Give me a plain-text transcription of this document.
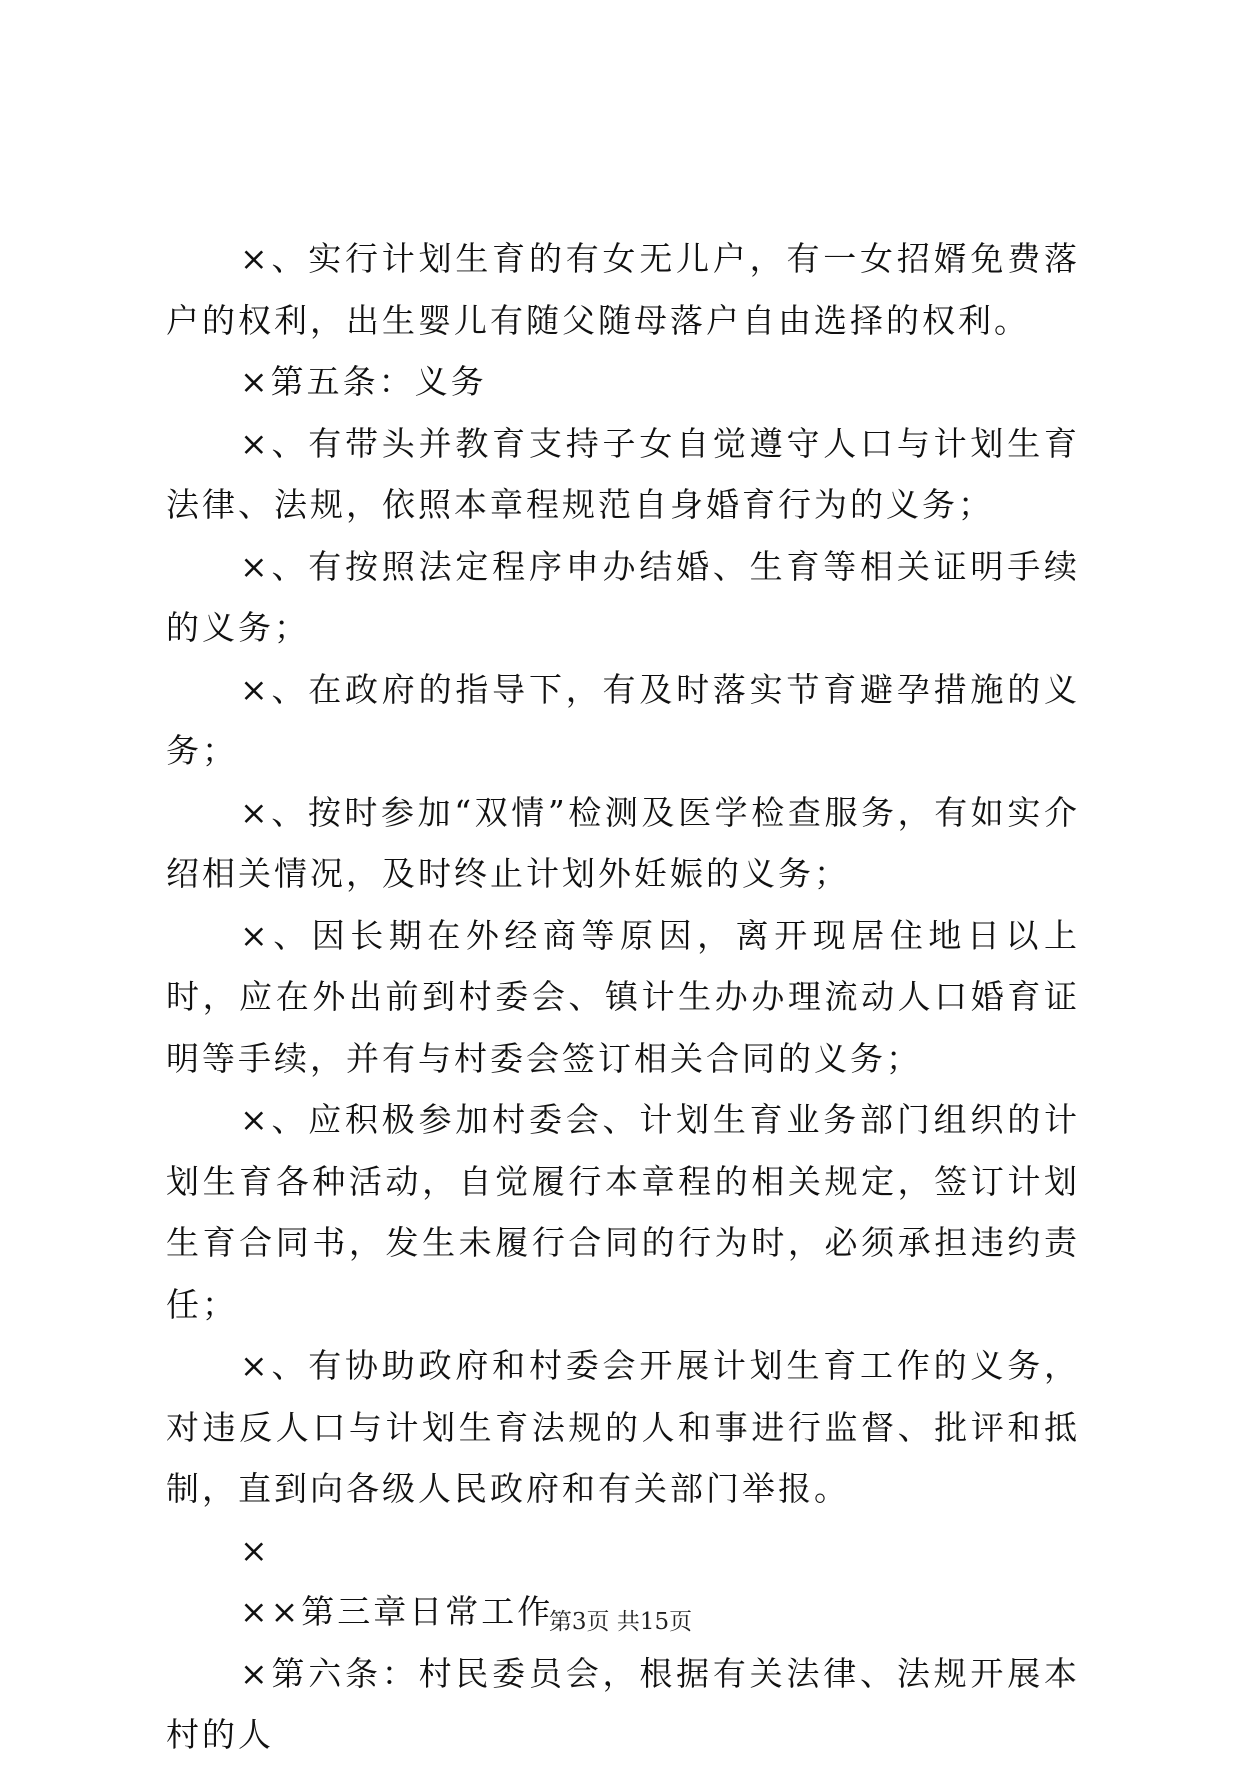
×、实行计划生育的有女无儿户，有一女招婿免费落户的权利，出生婴儿有随父随母落户自由选择的权利。

×第五条：义务

×、有带头并教育支持子女自觉遵守人口与计划生育法律、法规，依照本章程规范自身婚育行为的义务；

×、有按照法定程序申办结婚、生育等相关证明手续的义务；

×、在政府的指导下，有及时落实节育避孕措施的义务；

×、按时参加“双情”检测及医学检查服务，有如实介绍相关情况，及时终止计划外妊娠的义务；

×、因长期在外经商等原因，离开现居住地日以上时，应在外出前到村委会、镇计生办办理流动人口婚育证明等手续，并有与村委会签订相关合同的义务；

×、应积极参加村委会、计划生育业务部门组织的计划生育各种活动，自觉履行本章程的相关规定，签订计划生育合同书，发生未履行合同的行为时，必须承担违约责任；

×、有协助政府和村委会开展计划生育工作的义务，对违反人口与计划生育法规的人和事进行监督、批评和抵制，直到向各级人民政府和有关部门举报。

×

××第三章日常工作

×第六条：村民委员会，根据有关法律、法规开展本村的人

第3页 共15页
